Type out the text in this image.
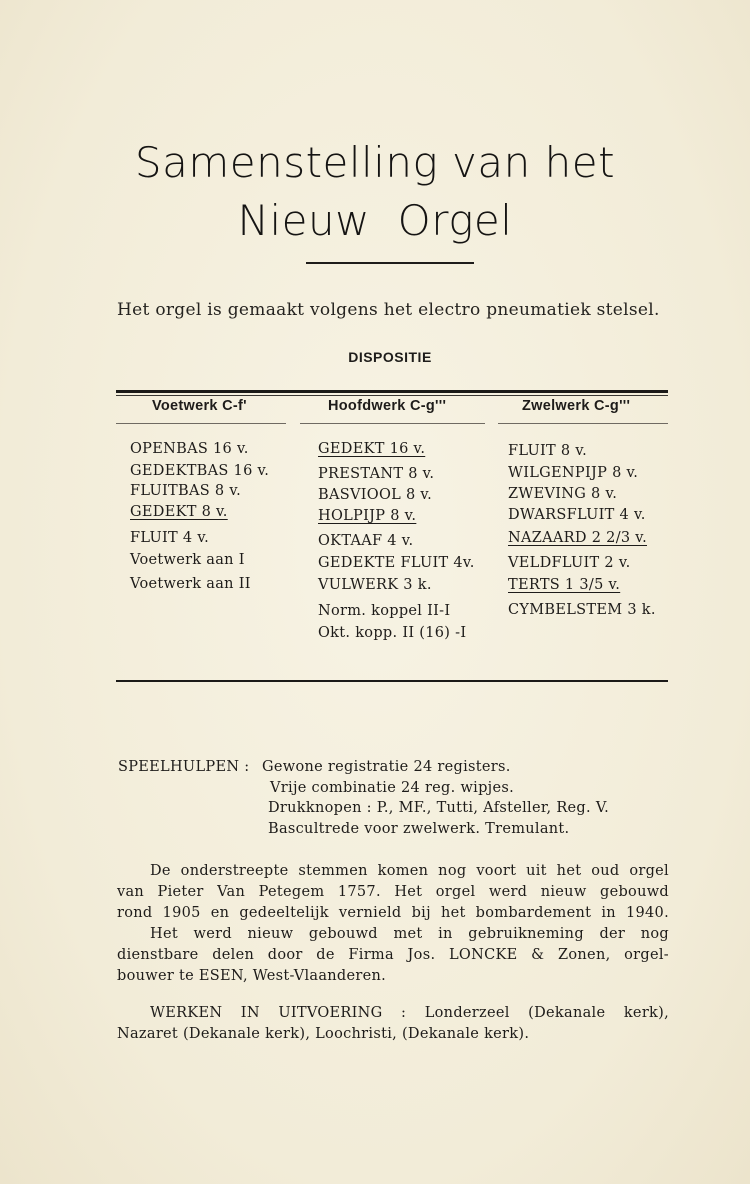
Samenstelling van het
Nieuw  Orgel
Het orgel is gemaakt volgens het electro pneumatiek stelsel.
DISPOSITIE
Voetwerk C-f'	Hoofdwerk C-g'''	Zwelwerk C-g'''
OPENBAS 16 v.
GEDEKTBAS 16 v.
FLUITBAS 8 v.
GEDEKT 8 v.
FLUIT 4 v.
Voetwerk aan I
Voetwerk aan II
GEDEKT 16 v.
PRESTANT 8 v.
BASVIOOL 8 v.
HOLPIJP 8 v.
OKTAAF 4 v.
GEDEKTE FLUIT 4v.
VULWERK 3 k.
Norm. koppel II-I
Okt. kopp. II (16) -I
FLUIT 8 v.
WILGENPIJP 8 v.
ZWEVING 8 v.
DWARSFLUIT 4 v.
NAZAARD 2 2/3 v.
VELDFLUIT 2 v.
TERTS 1 3/5 v.
CYMBELSTEM 3 k.
SPEELHULPEN : Gewone registratie 24 registers.
Vrije combinatie 24 reg. wipjes.
Drukknopen : P., MF., Tutti, Afsteller, Reg. V.
Bascultrede voor zwelwerk. Tremulant.
De onderstreepte stemmen komen nog voort uit het oud orgel
van Pieter Van Petegem 1757. Het orgel werd nieuw gebouwd
rond 1905 en gedeeltelijk vernield bij het bombardement in 1940.
Het werd nieuw gebouwd met in gebruikneming der nog
dienstbare delen door de Firma Jos. LONCKE & Zonen, orgel-
bouwer te ESEN, West-Vlaanderen.
WERKEN IN UITVOERING : Londerzeel (Dekanale kerk),
Nazaret (Dekanale kerk), Loochristi, (Dekanale kerk).
